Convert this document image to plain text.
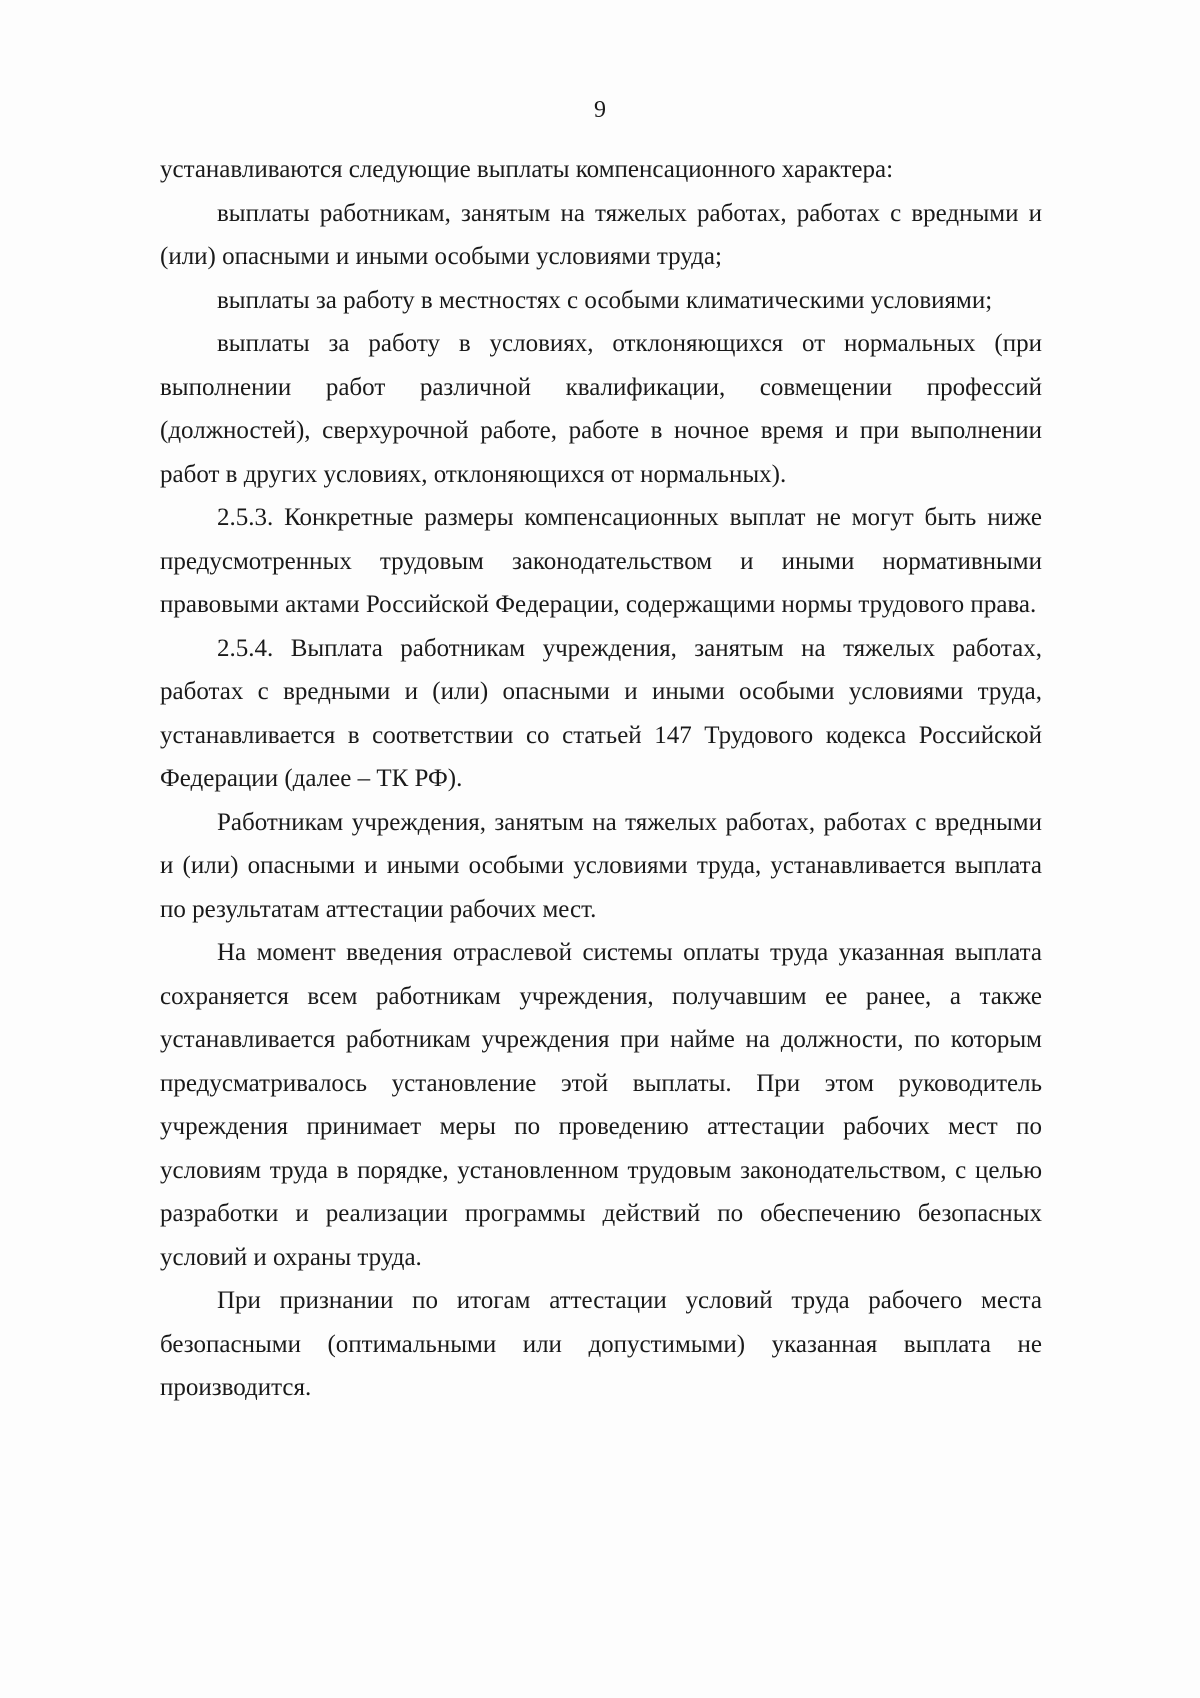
9

устанавливаются следующие выплаты компенсационного характера:

выплаты работникам, занятым на тяжелых работах, работах с вредными и (или) опасными и иными особыми условиями труда;

выплаты за работу в местностях с особыми климатическими условиями;

выплаты за работу в условиях, отклоняющихся от нормальных (при выполнении работ различной квалификации, совмещении профессий (должностей), сверхурочной работе, работе в ночное время и при выполнении работ в других условиях, отклоняющихся от нормальных).

2.5.3. Конкретные размеры компенсационных выплат не могут быть ниже предусмотренных трудовым законодательством и иными нормативными правовыми актами Российской Федерации, содержащими нормы трудового права.

2.5.4. Выплата работникам учреждения, занятым на тяжелых работах, работах с вредными и (или) опасными и иными особыми условиями труда, устанавливается в соответствии со статьей 147 Трудового кодекса Российской Федерации (далее – ТК РФ).

Работникам учреждения, занятым на тяжелых работах, работах с вредными и (или) опасными и иными особыми условиями труда, устанавливается выплата по результатам аттестации рабочих мест.

На момент введения отраслевой системы оплаты труда указанная выплата сохраняется всем работникам учреждения, получавшим ее ранее, а также устанавливается работникам учреждения при найме на должности, по которым предусматривалось установление этой выплаты. При этом руководитель учреждения принимает меры по проведению аттестации рабочих мест по условиям труда в порядке, установленном трудовым законодательством, с целью разработки и реализации программы действий по обеспечению безопасных условий и охраны труда.

При признании по итогам аттестации условий труда рабочего места безопасными (оптимальными или допустимыми) указанная выплата не производится.
